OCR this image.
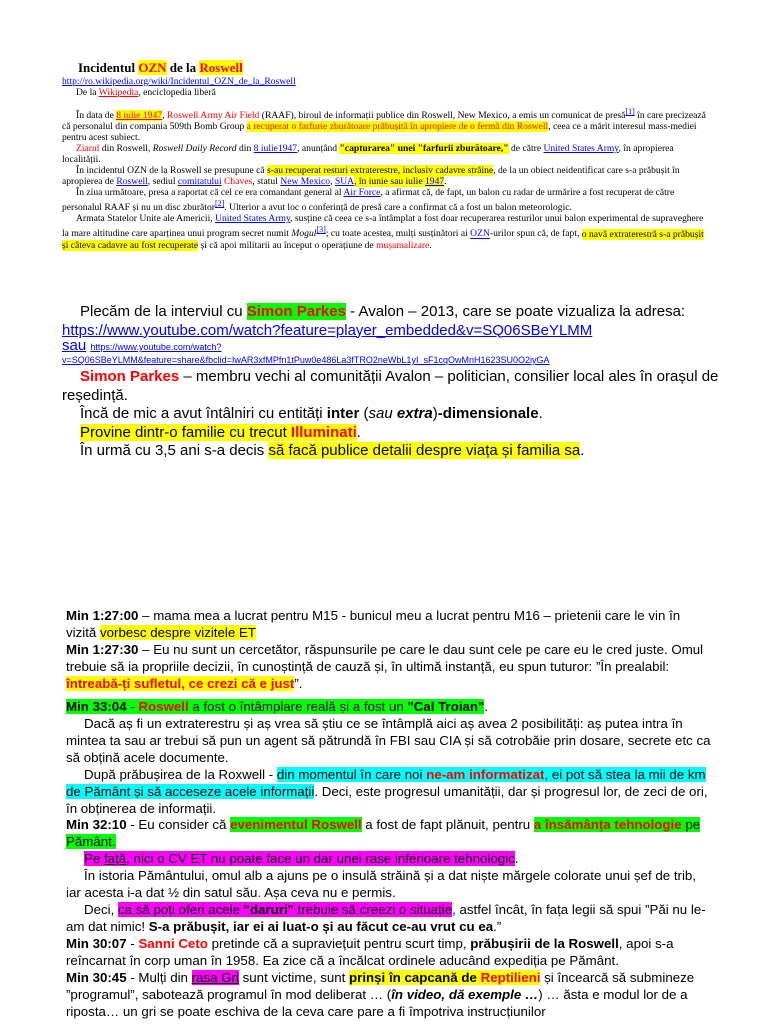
Incidentul OZN de la Roswell
http://ro.wikipedia.org/wiki/Incidentul_OZN_de_la_Roswell
De la Wikipedia, enciclopedia liberă

În data de 8 iulie 1947, Roswell Army Air Field (RAAF), biroul de informații publice din Roswell, New Mexico, a emis un comunicat de presă[1] în care precizează că personalul din compania 509th Bomb Group a recuperat o farfurie zburătoare prăbușită în apropiere de o fermă din Roswell, ceea ce a mărit interesul mass-mediei pentru acest subiect.

Ziarul din Roswell, Roswell Daily Record din 8 iulie1947, anunțând "capturarea" unei "farfurii zburătoare," de către United States Army, în apropierea localității.

În incidentul OZN de la Roswell se presupune că s-au recuperat resturi extraterestre, inclusiv cadavre străine, de la un obiect neidentificat care s-a prăbușit în apropierea de Roswell, sediul comitatului Chaves, statul New Mexico, SUA, în iunie sau iulie 1947.

În ziua următoare, presa a raportat că cel ce era comandant general al Air Force, a afirmat că, de fapt, un balon cu radar de urmărire a fost recuperat de către personalul RAAF și nu un disc zburător[2]. Ulterior a avut loc o conferință de presă care a confirmat că a fost un balon meteorologic.

Armata Statelor Unite ale Americii, United States Army, susține că ceea ce s-a întâmplat a fost doar recuperarea resturilor unui balon experimental de supraveghere la mare altitudine care aparținea unui program secret numit Mogul[3]; cu toate acestea, mulți susținători ai OZN-urilor spun că, de fapt, o navă extraterestră s-a prăbușit și câteva cadavre au fost recuperate și că apoi militarii au început o operațiune de mușamalizare.

Plecăm de la interviul cu Simon Parkes - Avalon – 2013, care se poate vizualiza la adresa:

https://www.youtube.com/watch?feature=player_embedded&v=SQ06SBeYLMM

sau https://www.youtube.com/watch?
v=SQ06SBeYLMM&feature=share&fbclid=IwAR3xfMPfn1tPuw0e486La3fTRO2neWbL1yI_sF1cqOwMnH1623SU0O2iyGA

Simon Parkes – membru vechi al comunității Avalon – politician, consilier local ales în orașul de reședință.

Încă de mic a avut întâlniri cu entități inter (sau extra)-dimensionale.

Provine dintr-o familie cu trecut Illuminati.

În urmă cu 3,5 ani s-a decis să facă publice detalii despre viața și familia sa.

Min 1:27:00 – mama mea a lucrat pentru M15 - bunicul meu a lucrat pentru M16 – prietenii care le vin în vizită vorbesc despre vizitele ET

Min 1:27:30 – Eu nu sunt un cercetător, răspunsurile pe care le dau sunt cele pe care eu le cred juste. Omul trebuie să ia propriile decizii, în cunoștință de cauză și, în ultimă instanță, eu spun tuturor: ”În prealabil: întreabă-ți sufletul, ce crezi că e just”.

Min 33:04 - Roswell a fost o întâmplare reală și a fost un "Cal Troian".

Dacă aș fi un extraterestru și aș vrea să știu ce se întâmplă aici aș avea 2 posibilități: aș putea intra în mintea ta sau ar trebui să pun un agent să pătrundă în FBI sau CIA și să cotrobăie prin dosare, secrete etc ca să obțină acele documente.

După prăbușirea de la Roxwell - din momentul în care noi ne-am informatizat, ei pot să stea la mii de km de Pământ și să acceseze acele informații. Deci, este progresul umanității, dar și progresul lor, de zeci de ori, în obținerea de informații.

Min 32:10 - Eu consider că evenimentul Roswell a fost de fapt plănuit, pentru a însămânța tehnologie pe Pământ.

Pe față, nici o CV ET nu poate face un dar unei rase inferioare tehnologic.

În istoria Pământului, omul alb a ajuns pe o insulă străină și a dat niște mărgele colorate unui șef de trib, iar acesta i-a dat ½ din satul său. Așa ceva nu e permis.

Deci, ca să poți oferi acele "daruri" trebuie să creezi o situație, astfel încât, în fața legii să spui ”Păi nu le-am dat nimic! S-a prăbușit, iar ei ai luat-o și au făcut ce-au vrut cu ea.”

Min 30:07 - Sanni Ceto pretinde că a supraviețuit pentru scurt timp, prăbușirii de la Roswell, apoi s-a reîncarnat în corp uman în 1958. Ea zice că a încălcat ordinele aducând expediția pe Pământ.

Min 30:45 - Mulți din rasa Gri sunt victime, sunt prinși în capcană de Reptilieni și încearcă să submineze ”programul”, sabotează programul în mod deliberat … (în video, dă exemple …) … ăsta e modul lor de a riposta… un gri se poate eschiva de la ceva care pare a fi împotriva instrucțiunilor
